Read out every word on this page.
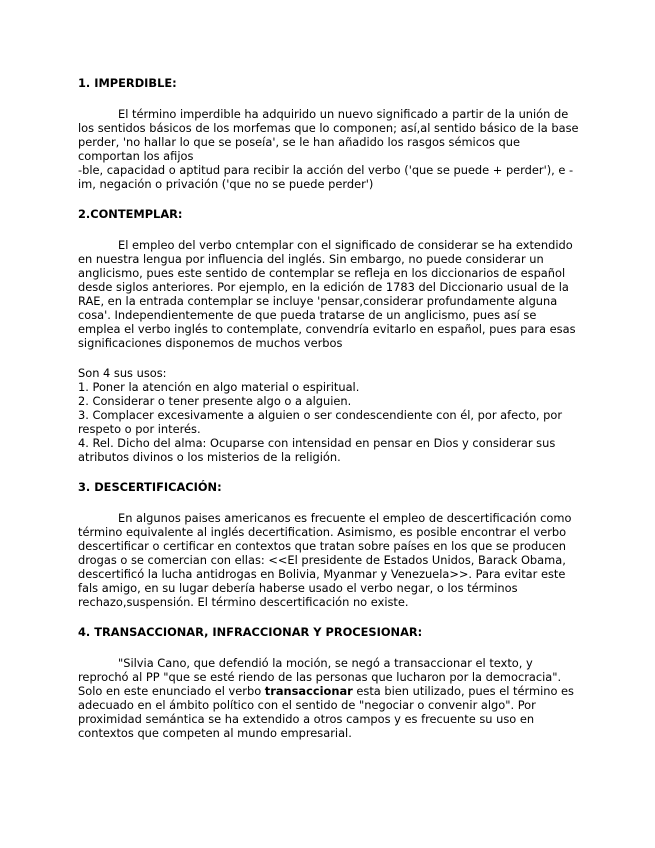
1. IMPERDIBLE:

El término imperdible ha adquirido un nuevo significado a partir de la unión de los sentidos básicos de los morfemas que lo componen; así,al sentido básico de la base perder, 'no hallar lo que se poseía', se le han añadido los rasgos sémicos que comportan los afijos

-ble, capacidad o aptitud para recibir la acción del verbo ('que se puede + perder'), e -im, negación o privación ('que no se puede perder')

2.CONTEMPLAR:

El empleo del verbo cntemplar con el significado de considerar se ha extendido en nuestra lengua por influencia del inglés. Sin embargo, no puede considerar un anglicismo, pues este sentido de contemplar se refleja en los diccionarios de español desde siglos anteriores. Por ejemplo, en la edición de 1783 del Diccionario usual de la RAE, en la entrada contemplar se incluye 'pensar,considerar profundamente alguna cosa'. Independientemente de que pueda tratarse de un anglicismo, pues así se emplea el verbo inglés to contemplate, convendría evitarlo en español, pues para esas significaciones disponemos de muchos verbos

Son 4 sus usos:

1. Poner la atención en algo material o espiritual.

2. Considerar o tener presente algo o a alguien.

3. Complacer excesivamente a alguien o ser condescendiente con él, por afecto, por respeto o por interés.

4. Rel. Dicho del alma: Ocuparse con intensidad en pensar en Dios y considerar sus atributos divinos o los misterios de la religión.

3. DESCERTIFICACIÓN:

En algunos paises americanos es frecuente el empleo de descertificación como término equivalente al inglés decertification. Asimismo, es posible encontrar el verbo descertificar o certificar en contextos que tratan sobre países en los que se producen drogas o se comercian con ellas: <<El presidente de Estados Unidos, Barack Obama, descertificó la lucha antidrogas en Bolivia, Myanmar y Venezuela>>. Para evitar este fals amigo, en su lugar debería haberse usado el verbo negar, o los términos rechazo,suspensión. El término descertificación no existe.

4. TRANSACCIONAR, INFRACCIONAR Y PROCESIONAR:

"Silvia Cano, que defendió la moción, se negó a transaccionar el texto, y reprochó al PP "que se esté riendo de las personas que lucharon por la democracia". Solo en este enunciado el verbo transaccionar esta bien utilizado, pues el término es adecuado en el ámbito político con el sentido de "negociar o convenir algo". Por proximidad semántica se ha extendido a otros campos y es frecuente su uso en contextos que competen al mundo empresarial.
